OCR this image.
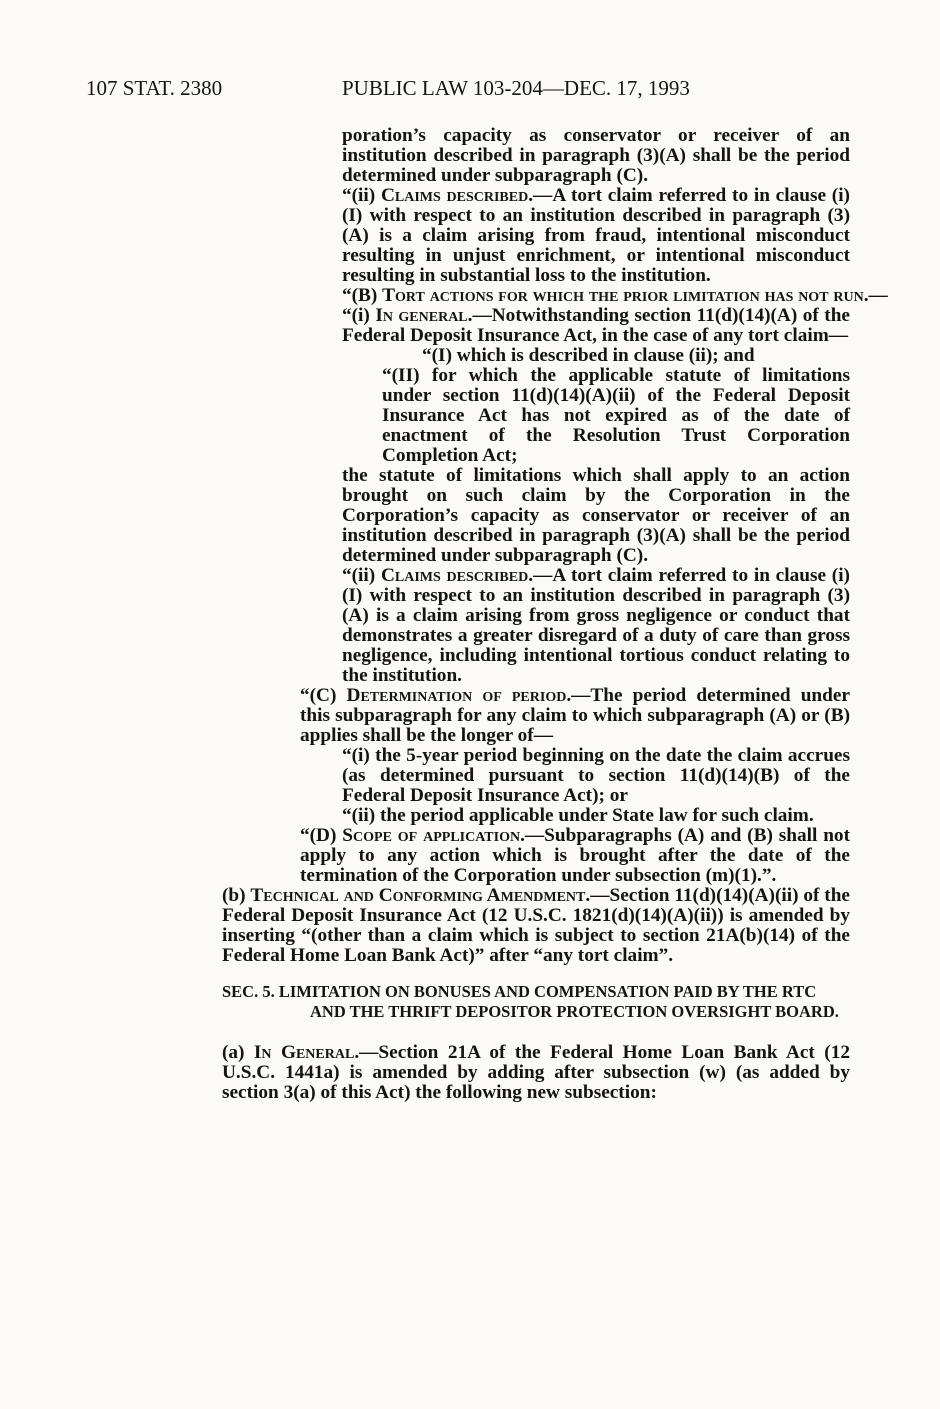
107 STAT. 2380	PUBLIC LAW 103-204—DEC. 17, 1993

poration’s capacity as conservator or receiver of an institution described in paragraph (3)(A) shall be the period determined under subparagraph (C).

“(ii) Claims described.—A tort claim referred to in clause (i)(I) with respect to an institution described in paragraph (3)(A) is a claim arising from fraud, intentional misconduct resulting in unjust enrichment, or intentional misconduct resulting in substantial loss to the institution.

“(B) Tort actions for which the prior limitation has not run.—

“(i) In general.—Notwithstanding section 11(d)(14)(A) of the Federal Deposit Insurance Act, in the case of any tort claim—

“(I) which is described in clause (ii); and

“(II) for which the applicable statute of limitations under section 11(d)(14)(A)(ii) of the Federal Deposit Insurance Act has not expired as of the date of enactment of the Resolution Trust Corporation Completion Act;

the statute of limitations which shall apply to an action brought on such claim by the Corporation in the Corporation’s capacity as conservator or receiver of an institution described in paragraph (3)(A) shall be the period determined under subparagraph (C).

“(ii) Claims described.—A tort claim referred to in clause (i)(I) with respect to an institution described in paragraph (3)(A) is a claim arising from gross negligence or conduct that demonstrates a greater disregard of a duty of care than gross negligence, including intentional tortious conduct relating to the institution.

“(C) Determination of period.—The period determined under this subparagraph for any claim to which subparagraph (A) or (B) applies shall be the longer of—

“(i) the 5-year period beginning on the date the claim accrues (as determined pursuant to section 11(d)(14)(B) of the Federal Deposit Insurance Act); or

“(ii) the period applicable under State law for such claim.

“(D) Scope of application.—Subparagraphs (A) and (B) shall not apply to any action which is brought after the date of the termination of the Corporation under subsection (m)(1).”.

(b) Technical and Conforming Amendment.—Section 11(d)(14)(A)(ii) of the Federal Deposit Insurance Act (12 U.S.C. 1821(d)(14)(A)(ii)) is amended by inserting “(other than a claim which is subject to section 21A(b)(14) of the Federal Home Loan Bank Act)” after “any tort claim”.

SEC. 5. LIMITATION ON BONUSES AND COMPENSATION PAID BY THE RTC AND THE THRIFT DEPOSITOR PROTECTION OVERSIGHT BOARD.

(a) In General.—Section 21A of the Federal Home Loan Bank Act (12 U.S.C. 1441a) is amended by adding after subsection (w) (as added by section 3(a) of this Act) the following new subsection:
